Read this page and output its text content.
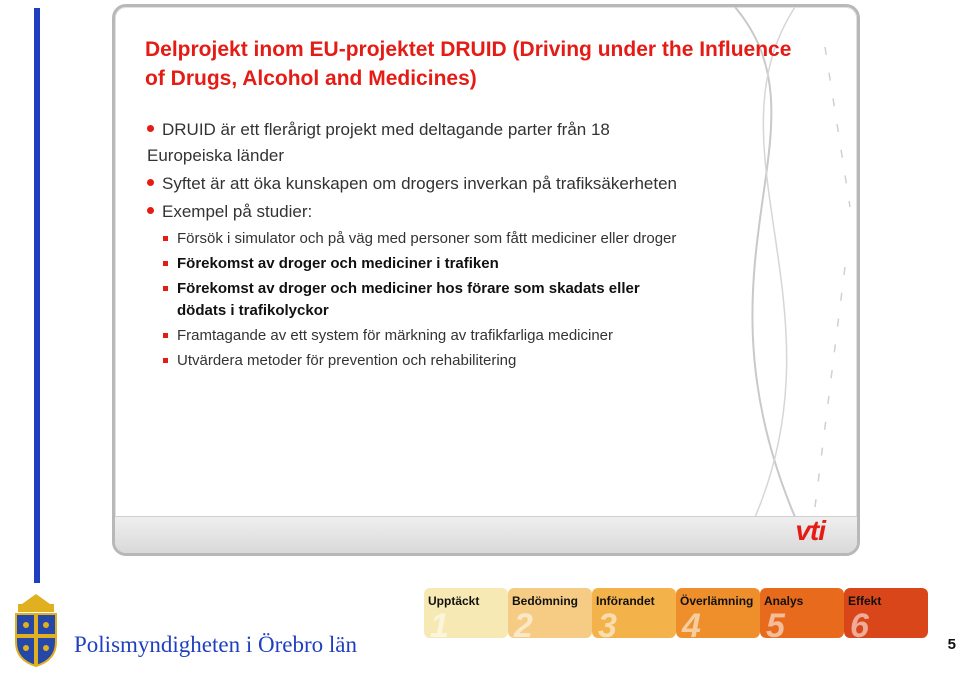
Delprojekt inom EU-projektet DRUID (Driving under the Influence of Drugs, Alcohol and Medicines)
DRUID är ett flerårigt projekt med deltagande parter från 18 Europeiska länder
Syftet är att öka kunskapen om drogers inverkan på trafiksäkerheten
Exempel på studier:
Försök i simulator och på väg med personer som fått mediciner eller droger
Förekomst av droger och mediciner i trafiken
Förekomst av droger och mediciner hos förare som skadats eller dödats i trafikolyckor
Framtagande av ett system för märkning av trafikfarliga mediciner
Utvärdera metoder för prevention och rehabilitering
vti

Polismyndigheten i Örebro län

Upptäckt
1
Bedömning
2
Införandet
3
Överlämning
4
Analys
5
Effekt
6	5
